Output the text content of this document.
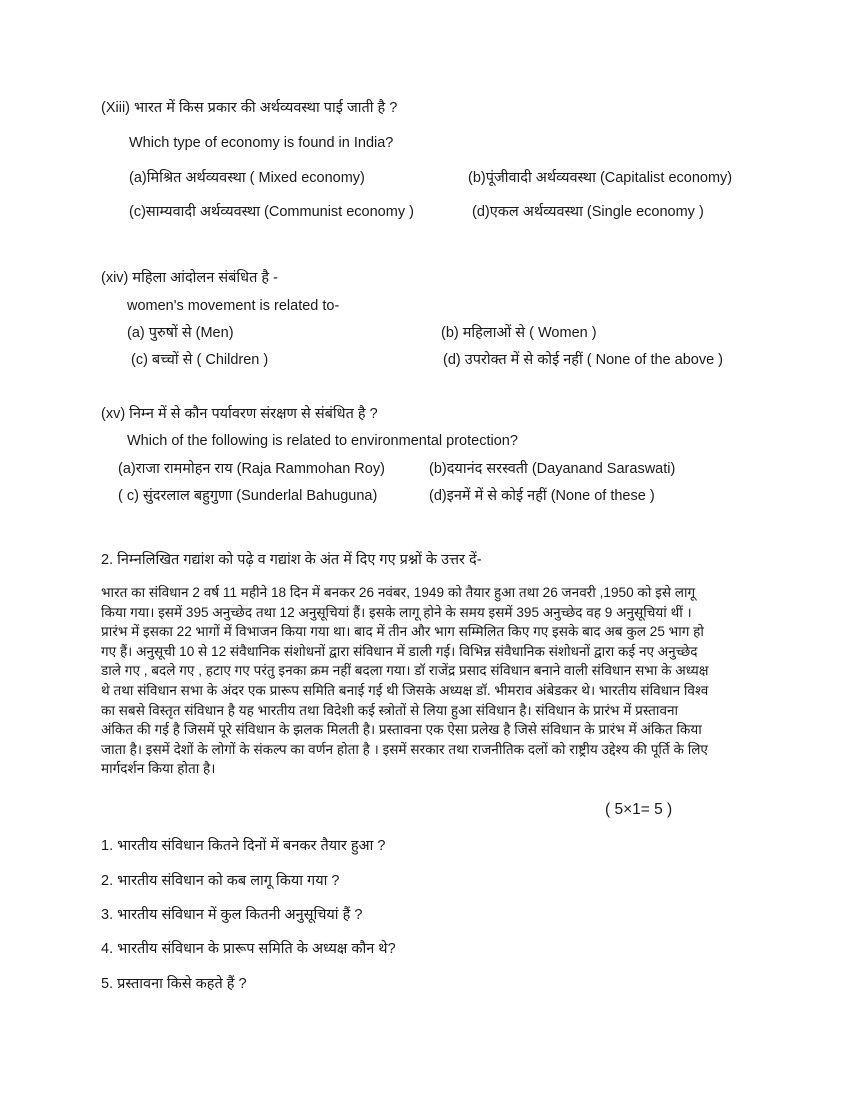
(Xiii) भारत में किस प्रकार की अर्थव्यवस्था पाई जाती है ?
Which type of economy is found in India?
(a)मिश्रित अर्थव्यवस्था ( Mixed economy)	(b)पूंजीवादी अर्थव्यवस्था (Capitalist economy)
(c)साम्यवादी अर्थव्यवस्था (Communist economy )	(d)एकल अर्थव्यवस्था (Single economy )
(xiv) महिला आंदोलन संबंधित है -
women's movement is related to-
(a) पुरुषों से (Men)	(b) महिलाओं से ( Women )
(c) बच्चों से ( Children )	(d) उपरोक्त में से कोई नहीं ( None of the above )
(xv) निम्न में से कौन पर्यावरण संरक्षण से संबंधित है ?
Which of the following is related to environmental protection?
(a)राजा राममोहन राय (Raja Rammohan Roy)	(b)दयानंद सरस्वती (Dayanand Saraswati)
( c) सुंदरलाल बहुगुणा (Sunderlal Bahuguna)	(d)इनमें में से कोई नहीं (None of these )
2. निम्नलिखित गद्यांश को पढ़े व गद्यांश के अंत में दिए गए प्रश्नों के उत्तर दें-
भारत का संविधान 2 वर्ष 11 महीने 18 दिन में बनकर 26 नवंबर, 1949 को तैयार हुआ तथा 26 जनवरी ,1950 को इसे लागू
किया गया। इसमें 395 अनुच्छेद तथा 12 अनुसूचियां हैं। इसके लागू होने के समय इसमें 395 अनुच्छेद वह 9 अनुसूचियां थीं ।
प्रारंभ में इसका 22 भागों में विभाजन किया गया था। बाद में तीन और भाग सम्मिलित किए गए इसके बाद अब कुल 25 भाग हो
गए हैं। अनुसूची 10 से 12 संवैधानिक संशोधनों द्वारा संविधान में डाली गई। विभिन्न संवैधानिक संशोधनों द्वारा कई नए अनुच्छेद
डाले गए , बदले गए , हटाए गए परंतु इनका क्रम नहीं बदला गया। डॉ राजेंद्र प्रसाद संविधान बनाने वाली संविधान सभा के अध्यक्ष
थे तथा संविधान सभा के अंदर एक प्रारूप समिति बनाई गई थी जिसके अध्यक्ष डॉ. भीमराव अंबेडकर थे। भारतीय संविधान विश्व
का सबसे विस्तृत संविधान है यह भारतीय तथा विदेशी कई स्त्रोतों से लिया हुआ संविधान है। संविधान के प्रारंभ में प्रस्तावना
अंकित की गई है जिसमें पूरे संविधान के झलक मिलती है। प्रस्तावना एक ऐसा प्रलेख है जिसे संविधान के प्रारंभ में अंकित किया
जाता है। इसमें देशों के लोगों के संकल्प का वर्णन होता है । इसमें सरकार तथा राजनीतिक दलों को राष्ट्रीय उद्देश्य की पूर्ति के लिए
मार्गदर्शन किया होता है।
( 5×1= 5 )
1. भारतीय संविधान कितने दिनों में बनकर तैयार हुआ ?
2. भारतीय संविधान को कब लागू किया गया ?
3. भारतीय संविधान में कुल कितनी अनुसूचियां हैं ?
4. भारतीय संविधान के प्रारूप समिति के अध्यक्ष कौन थे?
5. प्रस्तावना किसे कहते हैं ?
